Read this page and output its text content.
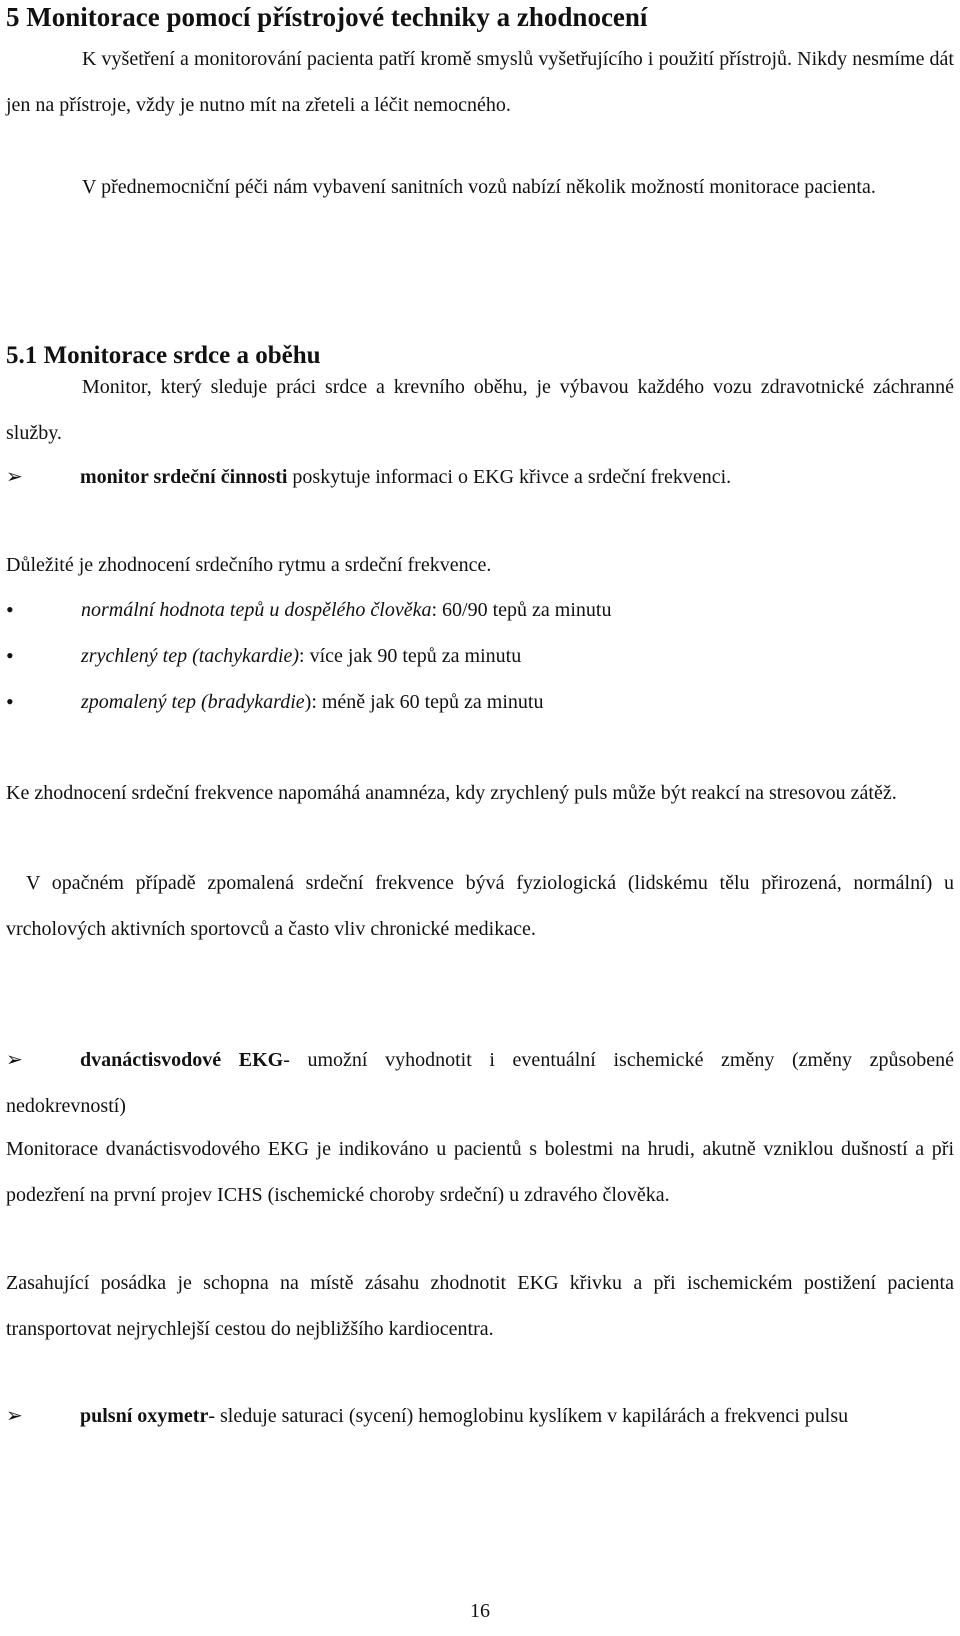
5 Monitorace pomocí přístrojové techniky a zhodnocení

K vyšetření a monitorování pacienta patří kromě smyslů vyšetřujícího i použití přístrojů. Nikdy nesmíme dát jen na přístroje, vždy je nutno mít na zřeteli a léčit nemocného.

V přednemocniční péči nám vybavení sanitních vozů nabízí několik možností monitorace pacienta.

5.1 Monitorace srdce a oběhu

Monitor, který sleduje práci srdce a krevního oběhu, je výbavou každého vozu zdravotnické záchranné služby.

➢	monitor srdeční činnosti poskytuje informaci o EKG křivce a srdeční frekvenci.

Důležité je zhodnocení srdečního rytmu a srdeční frekvence.

•	normální hodnota tepů u dospělého člověka: 60/90 tepů za minutu
•	zrychlený tep (tachykardie): více jak 90 tepů za minutu
•	zpomalený tep (bradykardie): méně jak 60 tepů za minutu

Ke zhodnocení srdeční frekvence napomáhá anamnéza, kdy zrychlený puls může být reakcí na stresovou zátěž.

V opačném případě zpomalená srdeční frekvence bývá fyziologická (lidskému tělu přirozená, normální) u vrcholových aktivních sportovců a často vliv chronické medikace.

➢	dvanáctisvodové EKG- umožní vyhodnotit i eventuální ischemické změny (změny způsobené nedokrevností)

Monitorace dvanáctisvodového EKG je indikováno u pacientů s bolestmi na hrudi, akutně vzniklou dušností a při podezření na první projev ICHS (ischemické choroby srdeční) u zdravého člověka.

Zasahující posádka je schopna na místě zásahu zhodnotit EKG křivku a při ischemickém postižení pacienta transportovat nejrychlejší cestou do nejbližšího kardiocentra.

➢	pulsní oxymetr- sleduje saturaci (sycení) hemoglobinu kyslíkem v kapilárách a frekvenci pulsu

16
